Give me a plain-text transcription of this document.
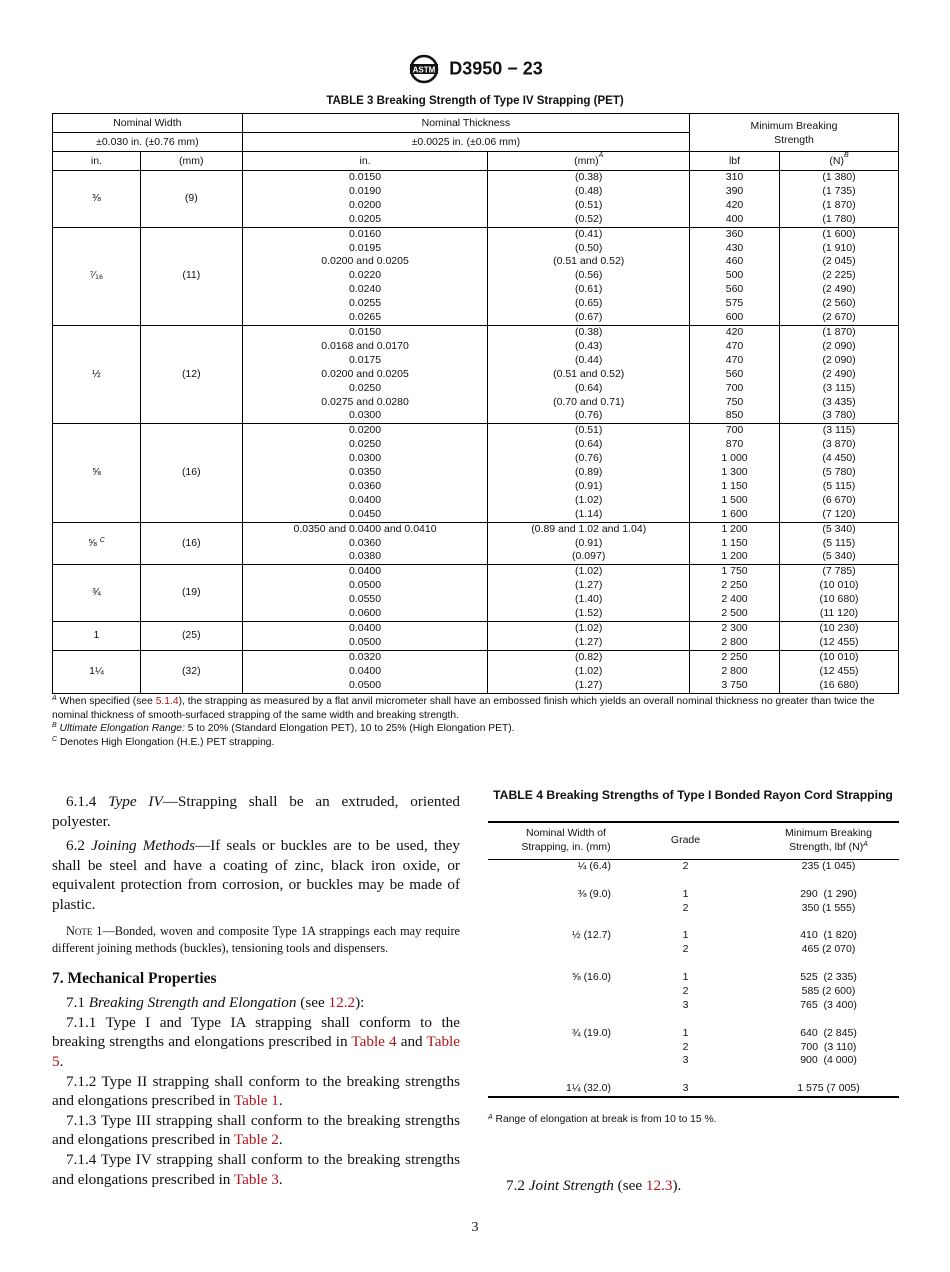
ASTM D3950 − 23
TABLE 3 Breaking Strength of Type IV Strapping (PET)
Nominal Width		Nominal Thickness		Minimum Breaking Strength	
±0.030 in. (±0.76 mm)		±0.0025 in. (±0.06 mm)			
in.	(mm)	in.	(mm)$^A$	lbf	$(N)^B$
⅜	(9)	0.0150	(0.38)	310	(1 380)
		0.0190	(0.48)	390	(1 735)
		0.0200	(0.51)	420	(1 870)
		0.0205	(0.52)	400	(1 780)
⁷⁄₁₆	(11)	0.0160	(0.41)	360	(1 600)
		0.0195	(0.50)	430	(1 910)
		0.0200 and 0.0205	(0.51 and 0.52)	460	(2 045)
		0.0220	(0.56)	500	(2 225)
		0.0240	(0.61)	560	(2 490)
		0.0255	(0.65)	575	(2 560)
		0.0265	(0.67)	600	(2 670)
½	(12)	0.0150	(0.38)	420	(1 870)
		0.0168 and 0.0170	(0.43)	470	(2 090)
		0.0175	(0.44)	470	(2 090)
		0.0200 and 0.0205	(0.51 and 0.52)	560	(2 490)
		0.0250	(0.64)	700	(3 115)
		0.0275 and 0.0280	(0.70 and 0.71)	750	(3 435)
		0.0300	(0.76)	850	(3 780)
⅝	(16)	0.0200	(0.51)	700	(3 115)
		0.0250	(0.64)	870	(3 870)
		0.0300	(0.76)	1 000	(4 450)
		0.0350	(0.89)	1 300	(5 780)
		0.0360	(0.91)	1 150	(5 115)
		0.0400	(1.02)	1 500	(6 670)
		0.0450	(1.14)	1 600	(7 120)
⅝ $^C$	(16)	0.0350 and 0.0400 and 0.0410	(0.89 and 1.02 and 1.04)	1 200	(5 340)
		0.0360	(0.91)	1 150	(5 115)
		0.0380	(0.097)	1 200	(5 340)
¾	(19)	0.0400	(1.02)	1 750	(7 785)
		0.0500	(1.27)	2 250	(10 010)
		0.0550	(1.40)	2 400	(10 680)
		0.0600	(1.52)	2 500	(11 120)
1	(25)	0.0400	(1.02)	2 300	(10 230)
		0.0500	(1.27)	2 800	(12 455)
1¼	(32)	0.0320	(0.82)	2 250	(10 010)
		0.0400	(1.02)	2 800	(12 455)
		0.0500	(1.27)	3 750	(16 680)
$^A$ When specified (see 5.1.4), the strapping as measured by a flat anvil micrometer shall have an embossed finish which yields an overall nominal thickness no greater than twice the nominal thickness of smooth-surfaced strapping of the same width and breaking strength.
$^B$ Ultimate Elongation Range: 5 to 20% (Standard Elongation PET), 10 to 25% (High Elongation PET).
$^C$ Denotes High Elongation (H.E.) PET strapping.

6.1.4 Type IV—Strapping shall be an extruded, oriented polyester.

6.2 Joining Methods—If seals or buckles are to be used, they shall be steel and have a coating of zinc, black iron oxide, or equivalent protection from corrosion, or buckles may be made of plastic.

Note 1—Bonded, woven and composite Type 1A strappings each may require different joining methods (buckles), tensioning tools and dispensers.

7. Mechanical Properties

7.1 Breaking Strength and Elongation (see 12.2):

7.1.1 Type I and Type IA strapping shall conform to the breaking strengths and elongations prescribed in Table 4 and Table 5.

7.1.2 Type II strapping shall conform to the breaking strengths and elongations prescribed in Table 1.

7.1.3 Type III strapping shall conform to the breaking strengths and elongations prescribed in Table 2.

7.1.4 Type IV strapping shall conform to the breaking strengths and elongations prescribed in Table 3.

TABLE 4 Breaking Strengths of Type I Bonded Rayon Cord Strapping
Nominal Width of Strapping, in. (mm)	Grade	Minimum Breaking Strength, lbf $(N)^A$

¼ (6.4)	2	235 (1 045)

⅜ (9.0)	1	290  (1 290)
	2	350 (1 555)

½ (12.7)	1	410  (1 820)
	2	465 (2 070)

⅝ (16.0)	1	525  (2 335)
	2	585 (2 600)
	3	765  (3 400)

¾ (19.0)	1	640  (2 845)
	2	700  (3 110)
	3	900  (4 000)

1¼ (32.0)	3	1 575 (7 005)
$^A$ Range of elongation at break is from 10 to 15 %.
7.2 Joint Strength (see 12.3).
3
